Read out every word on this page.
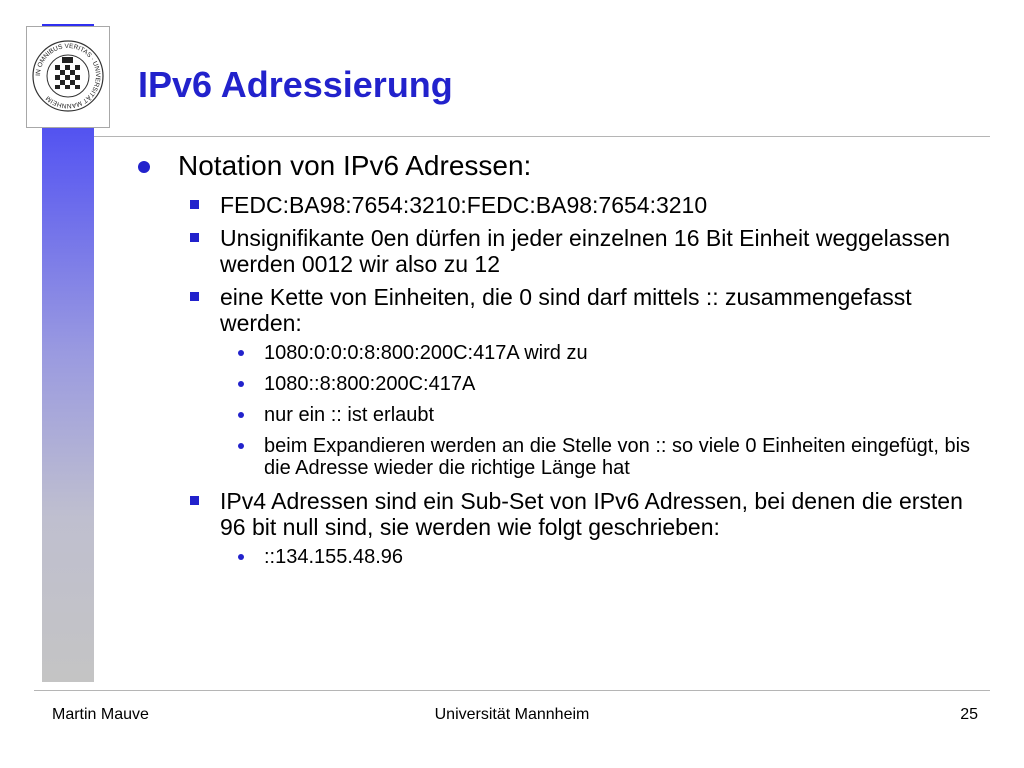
IN OMNIBUS VERITAS · UNIVERSITÄT MANNHEIM	IPv6 Adressierung
Notation von IPv6 Adressen:
FEDC:BA98:7654:3210:FEDC:BA98:7654:3210
Unsignifikante 0en dürfen in jeder einzelnen 16 Bit Einheit weggelassen werden 0012 wir also zu 12
eine Kette von Einheiten, die 0 sind darf mittels :: zusammengefasst werden:
1080:0:0:0:8:800:200C:417A wird zu
1080::8:800:200C:417A
nur ein :: ist erlaubt
beim Expandieren werden an die Stelle von :: so viele 0 Einheiten eingefügt, bis die Adresse wieder die richtige Länge hat
IPv4 Adressen sind ein Sub-Set von IPv6 Adressen, bei denen die ersten 96 bit null sind, sie werden wie folgt geschrieben:
::134.155.48.96
Martin Mauve	Universität Mannheim	25
